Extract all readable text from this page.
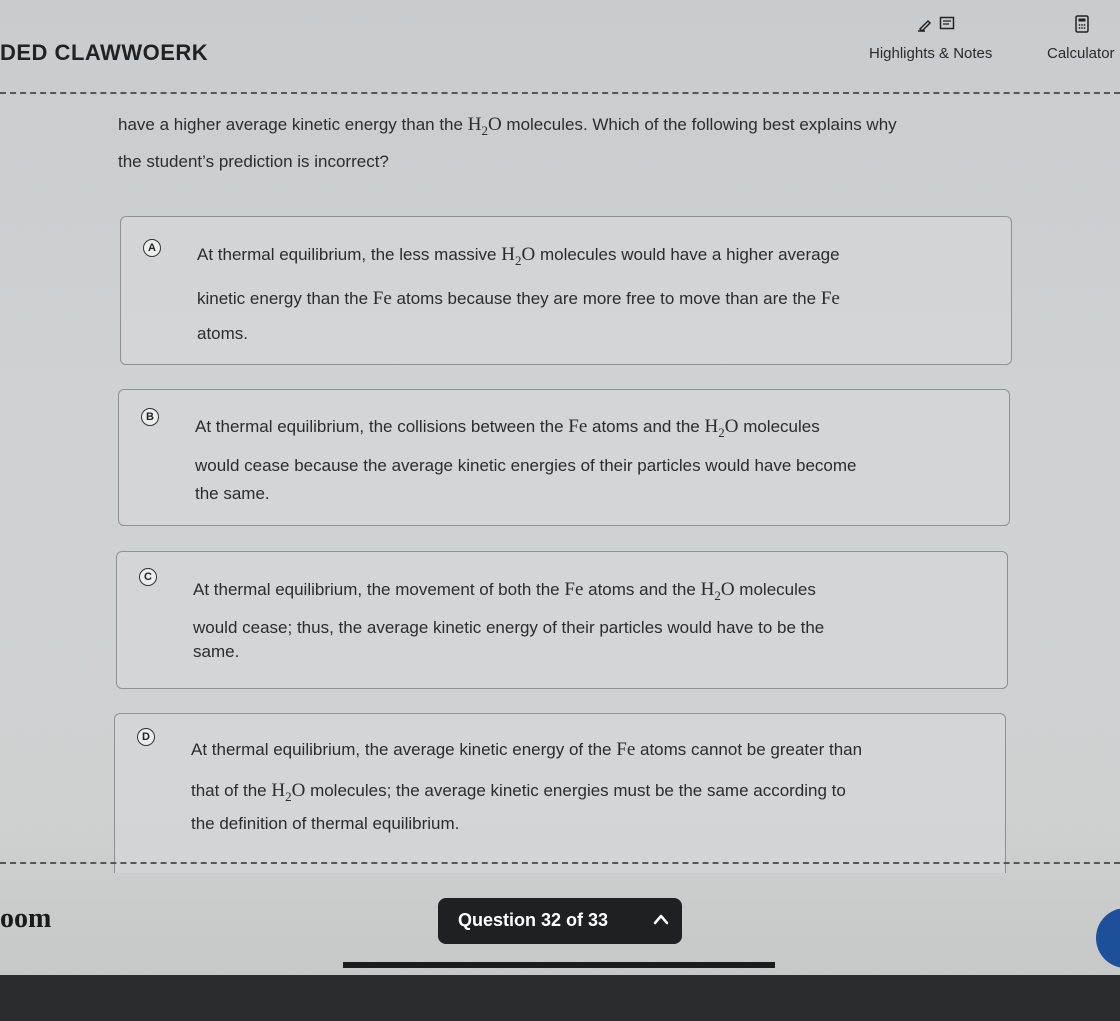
DED CLAWWOERK	Highlights & Notes	Calculator
have a higher average kinetic energy than the $H_2O$ molecules. Which of the following best explains why
the student’s prediction is incorrect?
A At thermal equilibrium, the less massive $H_2O$ molecules would have a higher average
kinetic energy than the Fe atoms because they are more free to move than are the Fe
atoms.
B At thermal equilibrium, the collisions between the Fe atoms and the $H_2O$ molecules
would cease because the average kinetic energies of their particles would have become
the same.
C
At thermal equilibrium, the movement of both the Fe atoms and the $H_2O$ molecules
would cease; thus, the average kinetic energy of their particles would have to be the
same.
D
At thermal equilibrium, the average kinetic energy of the Fe atoms cannot be greater than
that of the $H_2O$ molecules; the average kinetic energies must be the same according to
the definition of thermal equilibrium.
oom	Question 32 of 33
